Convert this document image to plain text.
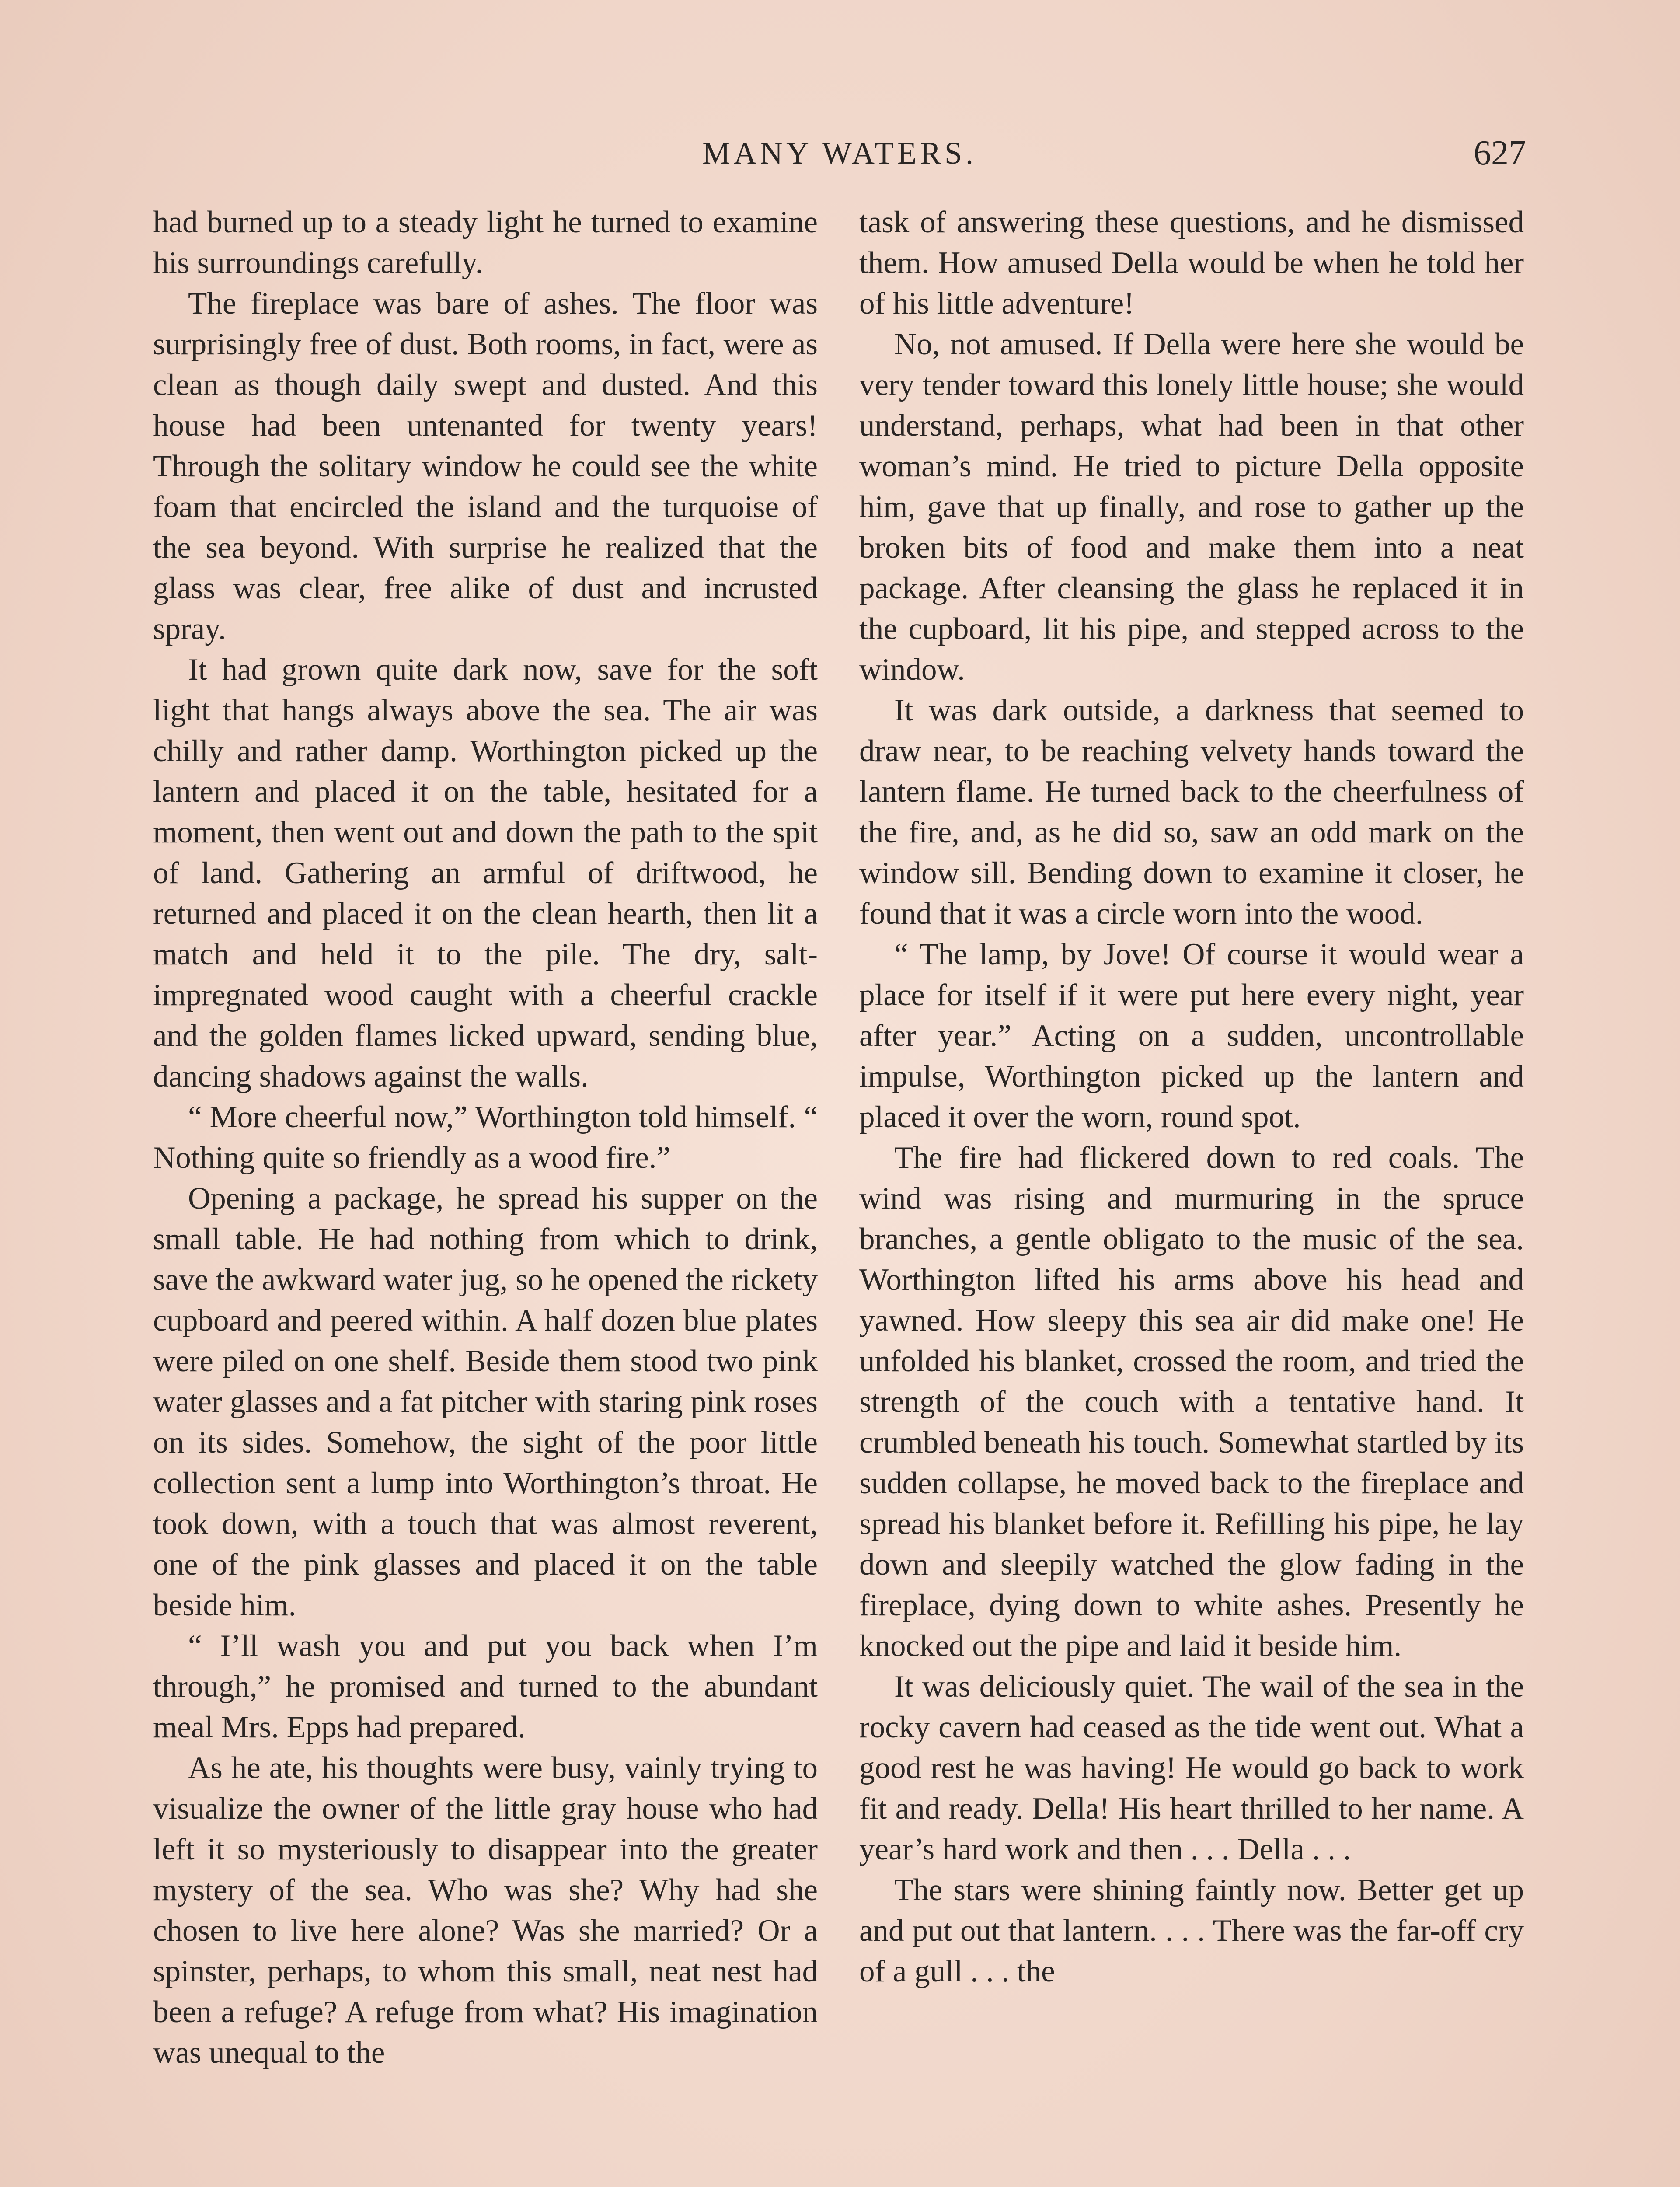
MANY WATERS.	627

had burned up to a steady light he turned to examine his surroundings carefully.

The fireplace was bare of ashes. The floor was surprisingly free of dust. Both rooms, in fact, were as clean as though daily swept and dusted. And this house had been untenanted for twenty years! Through the solitary window he could see the white foam that encircled the island and the turquoise of the sea beyond. With surprise he realized that the glass was clear, free alike of dust and incrusted spray.

It had grown quite dark now, save for the soft light that hangs always above the sea. The air was chilly and rather damp. Worthington picked up the lantern and placed it on the table, hesitated for a moment, then went out and down the path to the spit of land. Gathering an armful of driftwood, he returned and placed it on the clean hearth, then lit a match and held it to the pile. The dry, salt-impregnated wood caught with a cheerful crackle and the golden flames licked upward, sending blue, dancing shadows against the walls.

“ More cheerful now,” Worthington told himself. “ Nothing quite so friendly as a wood fire.”

Opening a package, he spread his supper on the small table. He had nothing from which to drink, save the awkward water jug, so he opened the rickety cupboard and peered within. A half dozen blue plates were piled on one shelf. Beside them stood two pink water glasses and a fat pitcher with staring pink roses on its sides. Somehow, the sight of the poor little collection sent a lump into Worthington’s throat. He took down, with a touch that was almost reverent, one of the pink glasses and placed it on the table beside him.

“ I’ll wash you and put you back when I’m through,” he promised and turned to the abundant meal Mrs. Epps had prepared.

As he ate, his thoughts were busy, vainly trying to visualize the owner of the little gray house who had left it so mysteriously to disappear into the greater mystery of the sea. Who was she? Why had she chosen to live here alone? Was she married? Or a spinster, perhaps, to whom this small, neat nest had been a refuge? A refuge from what? His imagination was unequal to the

task of answering these questions, and he dismissed them. How amused Della would be when he told her of his little adventure!

No, not amused. If Della were here she would be very tender toward this lonely little house; she would understand, perhaps, what had been in that other woman’s mind. He tried to picture Della opposite him, gave that up finally, and rose to gather up the broken bits of food and make them into a neat package. After cleansing the glass he replaced it in the cupboard, lit his pipe, and stepped across to the window.

It was dark outside, a darkness that seemed to draw near, to be reaching velvety hands toward the lantern flame. He turned back to the cheerfulness of the fire, and, as he did so, saw an odd mark on the window sill. Bending down to examine it closer, he found that it was a circle worn into the wood.

“ The lamp, by Jove! Of course it would wear a place for itself if it were put here every night, year after year.” Acting on a sudden, uncontrollable impulse, Worthington picked up the lantern and placed it over the worn, round spot.

The fire had flickered down to red coals. The wind was rising and murmuring in the spruce branches, a gentle obligato to the music of the sea. Worthington lifted his arms above his head and yawned. How sleepy this sea air did make one! He unfolded his blanket, crossed the room, and tried the strength of the couch with a tentative hand. It crumbled beneath his touch. Somewhat startled by its sudden collapse, he moved back to the fireplace and spread his blanket before it. Refilling his pipe, he lay down and sleepily watched the glow fading in the fireplace, dying down to white ashes. Presently he knocked out the pipe and laid it beside him.

It was deliciously quiet. The wail of the sea in the rocky cavern had ceased as the tide went out. What a good rest he was having! He would go back to work fit and ready. Della! His heart thrilled to her name. A year’s hard work and then . . . Della . . .

The stars were shining faintly now. Better get up and put out that lantern. . . . There was the far-off cry of a gull . . . the
